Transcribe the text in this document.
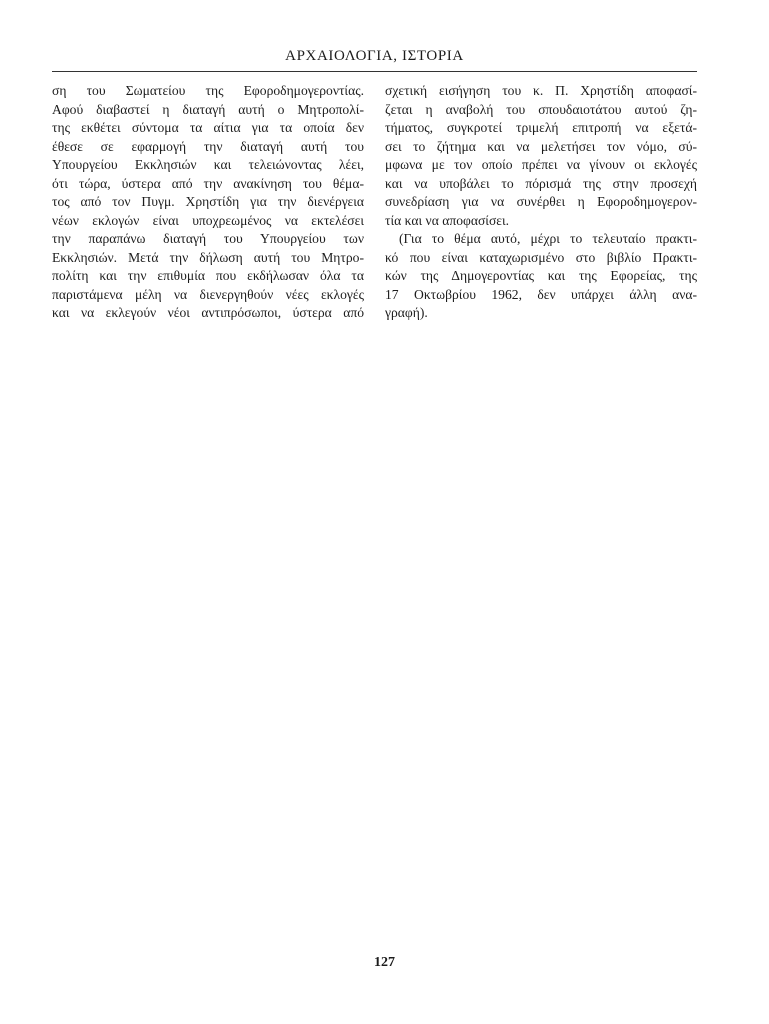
ΑΡΧΑΙΟΛΟΓΙΑ, ΙΣΤΟΡΙΑ
ση του Σωματείου της Εφοροδημογεροντίας.
Αφού διαβαστεί η διαταγή αυτή ο Μητροπολί-
της εκθέτει σύντομα τα αίτια για τα οποία δεν
έθεσε σε εφαρμογή την διαταγή αυτή του
Υπουργείου Εκκλησιών και τελειώνοντας λέει,
ότι τώρα, ύστερα από την ανακίνηση του θέμα-
τος από τον Πυγμ. Χρηστίδη για την διενέργεια
νέων εκλογών είναι υποχρεωμένος να εκτελέσει
την παραπάνω διαταγή του Υπουργείου των
Εκκλησιών. Μετά την δήλωση αυτή του Μητρο-
πολίτη και την επιθυμία που εκδήλωσαν όλα τα
παριστάμενα μέλη να διενεργηθούν νέες εκλογές
και να εκλεγούν νέοι αντιπρόσωποι, ύστερα από
σχετική εισήγηση του κ. Π. Χρηστίδη αποφασί-
ζεται η αναβολή του σπουδαιοτάτου αυτού ζη-
τήματος, συγκροτεί τριμελή επιτροπή να εξετά-
σει το ζήτημα και να μελετήσει τον νόμο, σύ-
μφωνα με τον οποίο πρέπει να γίνουν οι εκλογές
και να υποβάλει το πόρισμά της στην προσεχή
συνεδρίαση για να συνέρθει η Εφοροδημογερον-
τία και να αποφασίσει.
(Για το θέμα αυτό, μέχρι το τελευταίο πρακτι-
κό που είναι καταχωρισμένο στο βιβλίο Πρακτι-
κών της Δημογεροντίας και της Εφορείας, της
17 Οκτωβρίου 1962, δεν υπάρχει άλλη ανα-
γραφή).
127
